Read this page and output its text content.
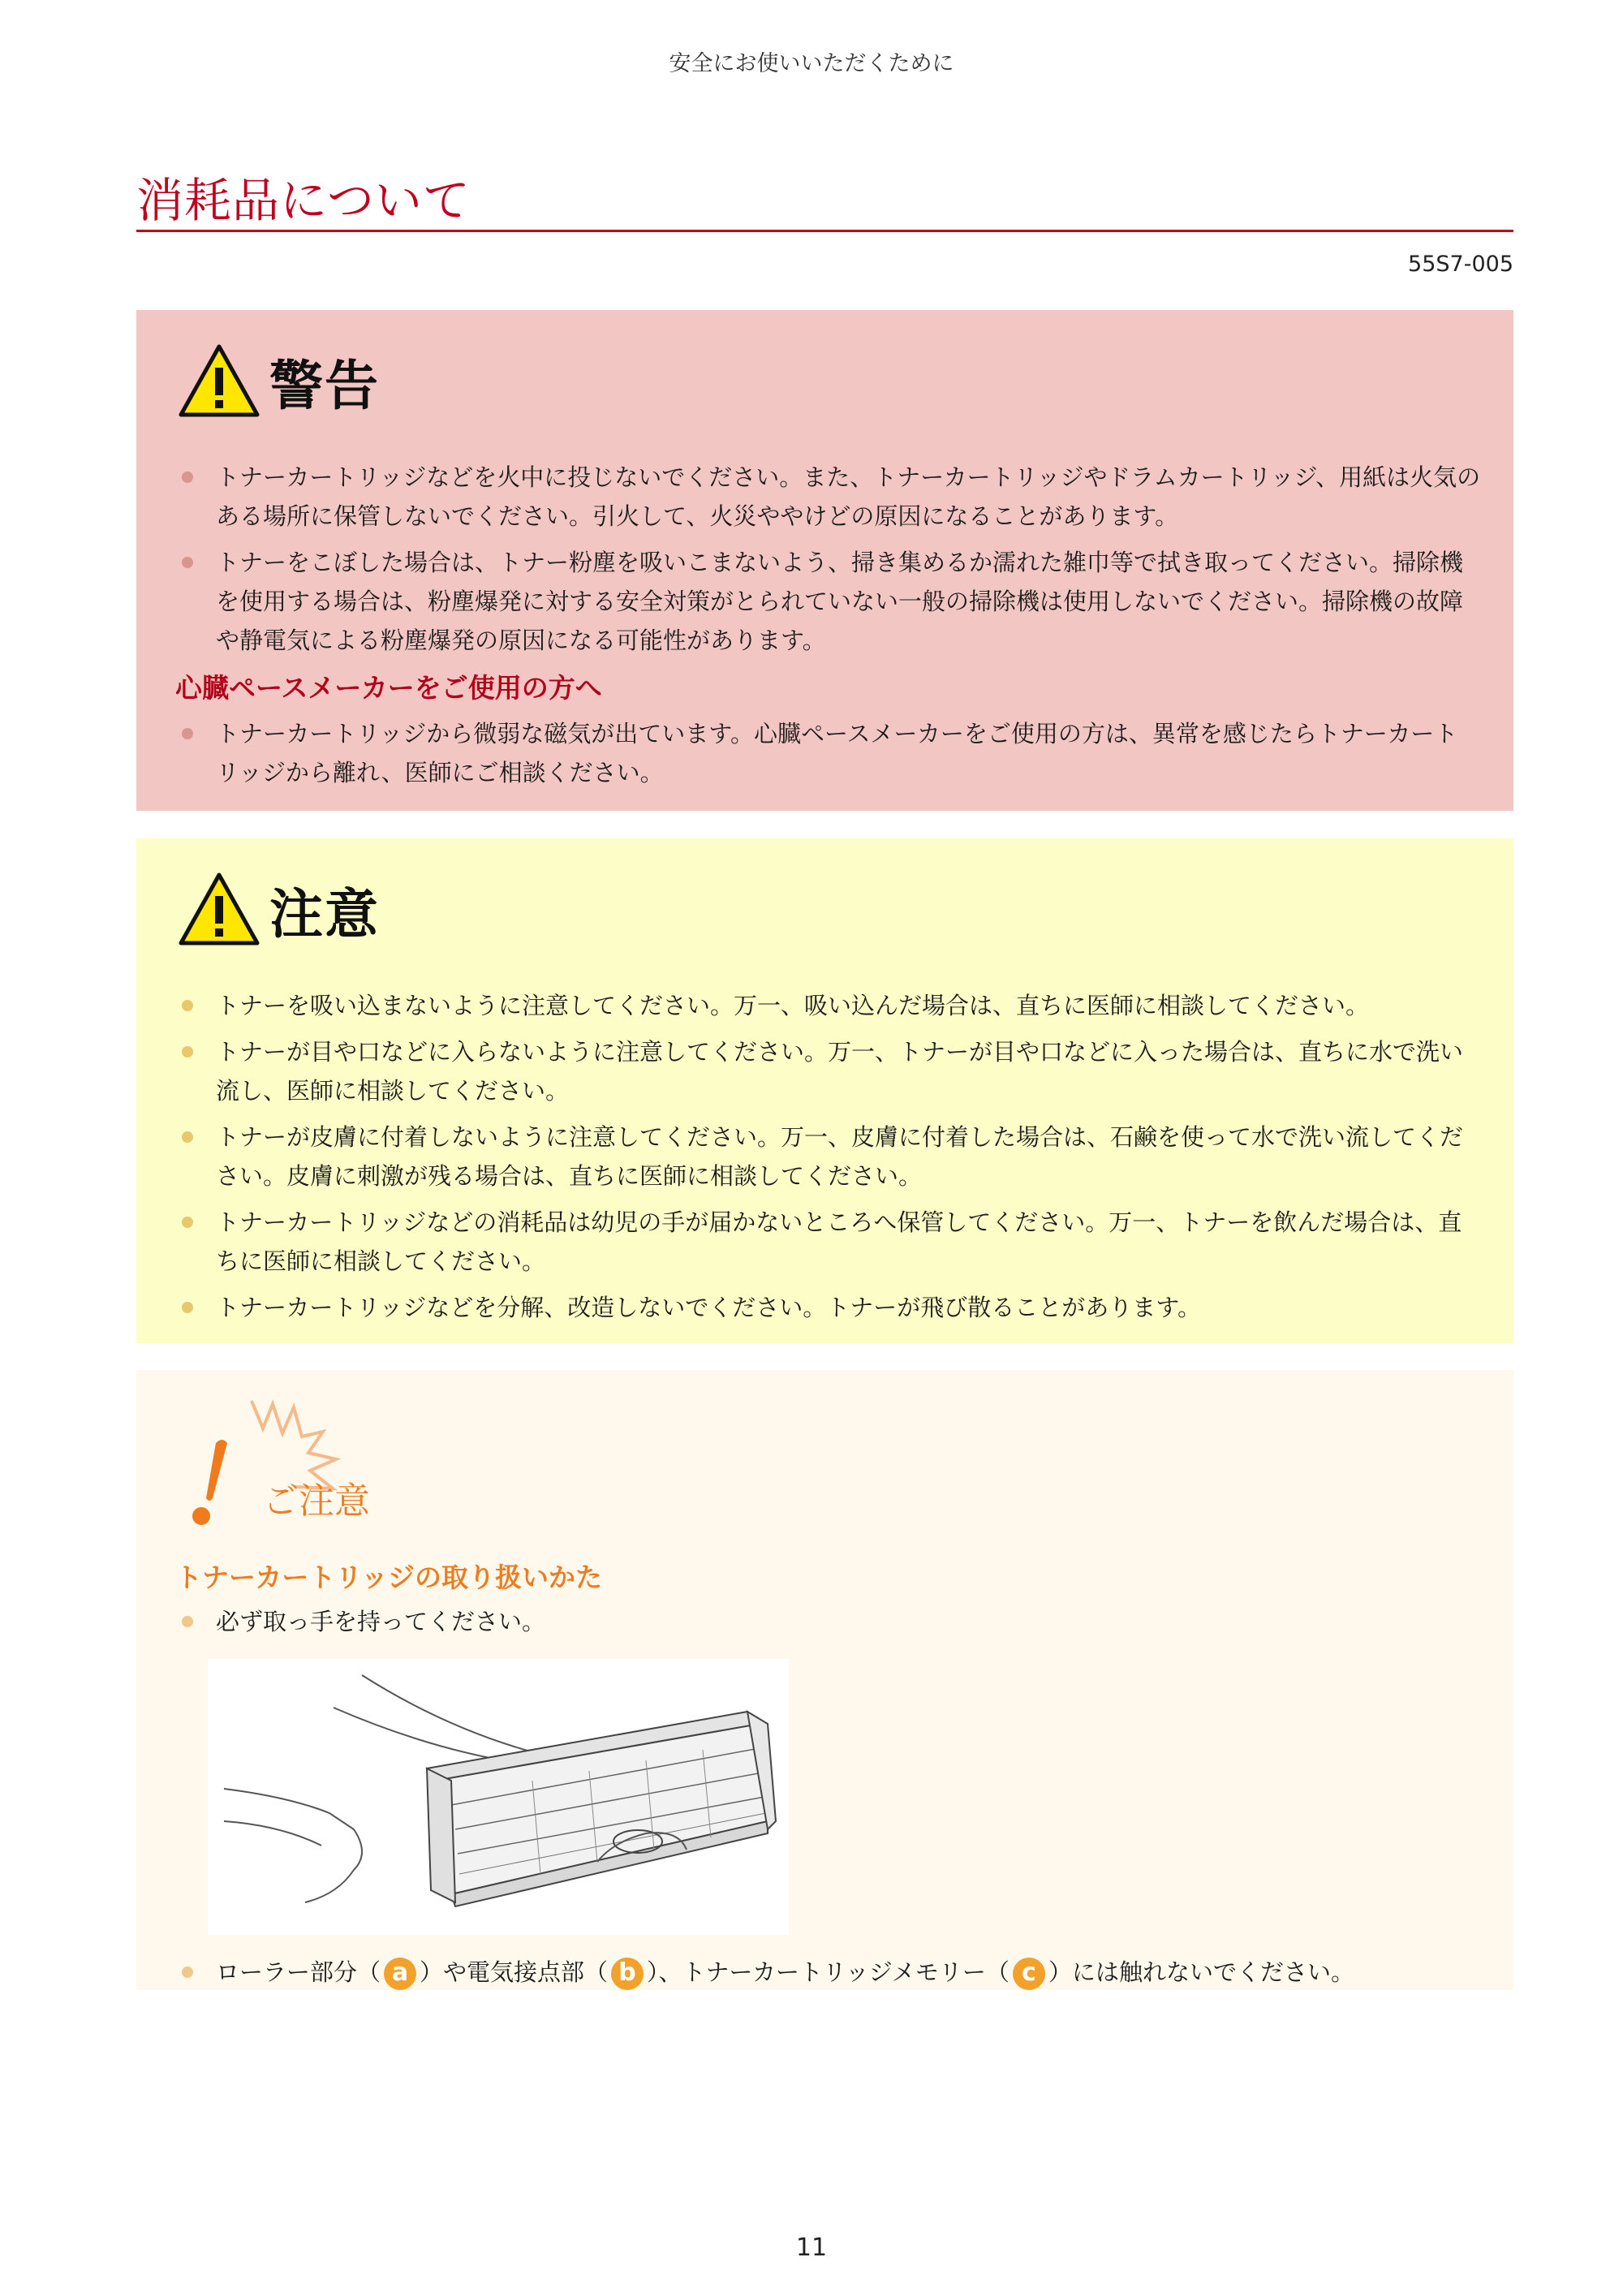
安全にお使いいただくために
消耗品について
55S7-005
警告
トナーカートリッジなどを火中に投じないでください。また、トナーカートリッジやドラムカートリッジ、用紙は火気のある場所に保管しないでください。引火して、火災ややけどの原因になることがあります。
トナーをこぼした場合は、トナー粉塵を吸いこまないよう、掃き集めるか濡れた雑巾等で拭き取ってください。掃除機を使用する場合は、粉塵爆発に対する安全対策がとられていない一般の掃除機は使用しないでください。掃除機の故障や静電気による粉塵爆発の原因になる可能性があります。
心臓ペースメーカーをご使用の方へ
トナーカートリッジから微弱な磁気が出ています。心臓ペースメーカーをご使用の方は、異常を感じたらトナーカートリッジから離れ、医師にご相談ください。
注意
トナーを吸い込まないように注意してください。万一、吸い込んだ場合は、直ちに医師に相談してください。
トナーが目や口などに入らないように注意してください。万一、トナーが目や口などに入った場合は、直ちに水で洗い流し、医師に相談してください。
トナーが皮膚に付着しないように注意してください。万一、皮膚に付着した場合は、石鹸を使って水で洗い流してください。皮膚に刺激が残る場合は、直ちに医師に相談してください。
トナーカートリッジなどの消耗品は幼児の手が届かないところへ保管してください。万一、トナーを飲んだ場合は、直ちに医師に相談してください。
トナーカートリッジなどを分解、改造しないでください。トナーが飛び散ることがあります。
ご注意
トナーカートリッジの取り扱いかた
必ず取っ手を持ってください。
ローラー部分（ a ）や電気接点部（ b ）、トナーカートリッジメモリー（ c ）には触れないでください。
11
